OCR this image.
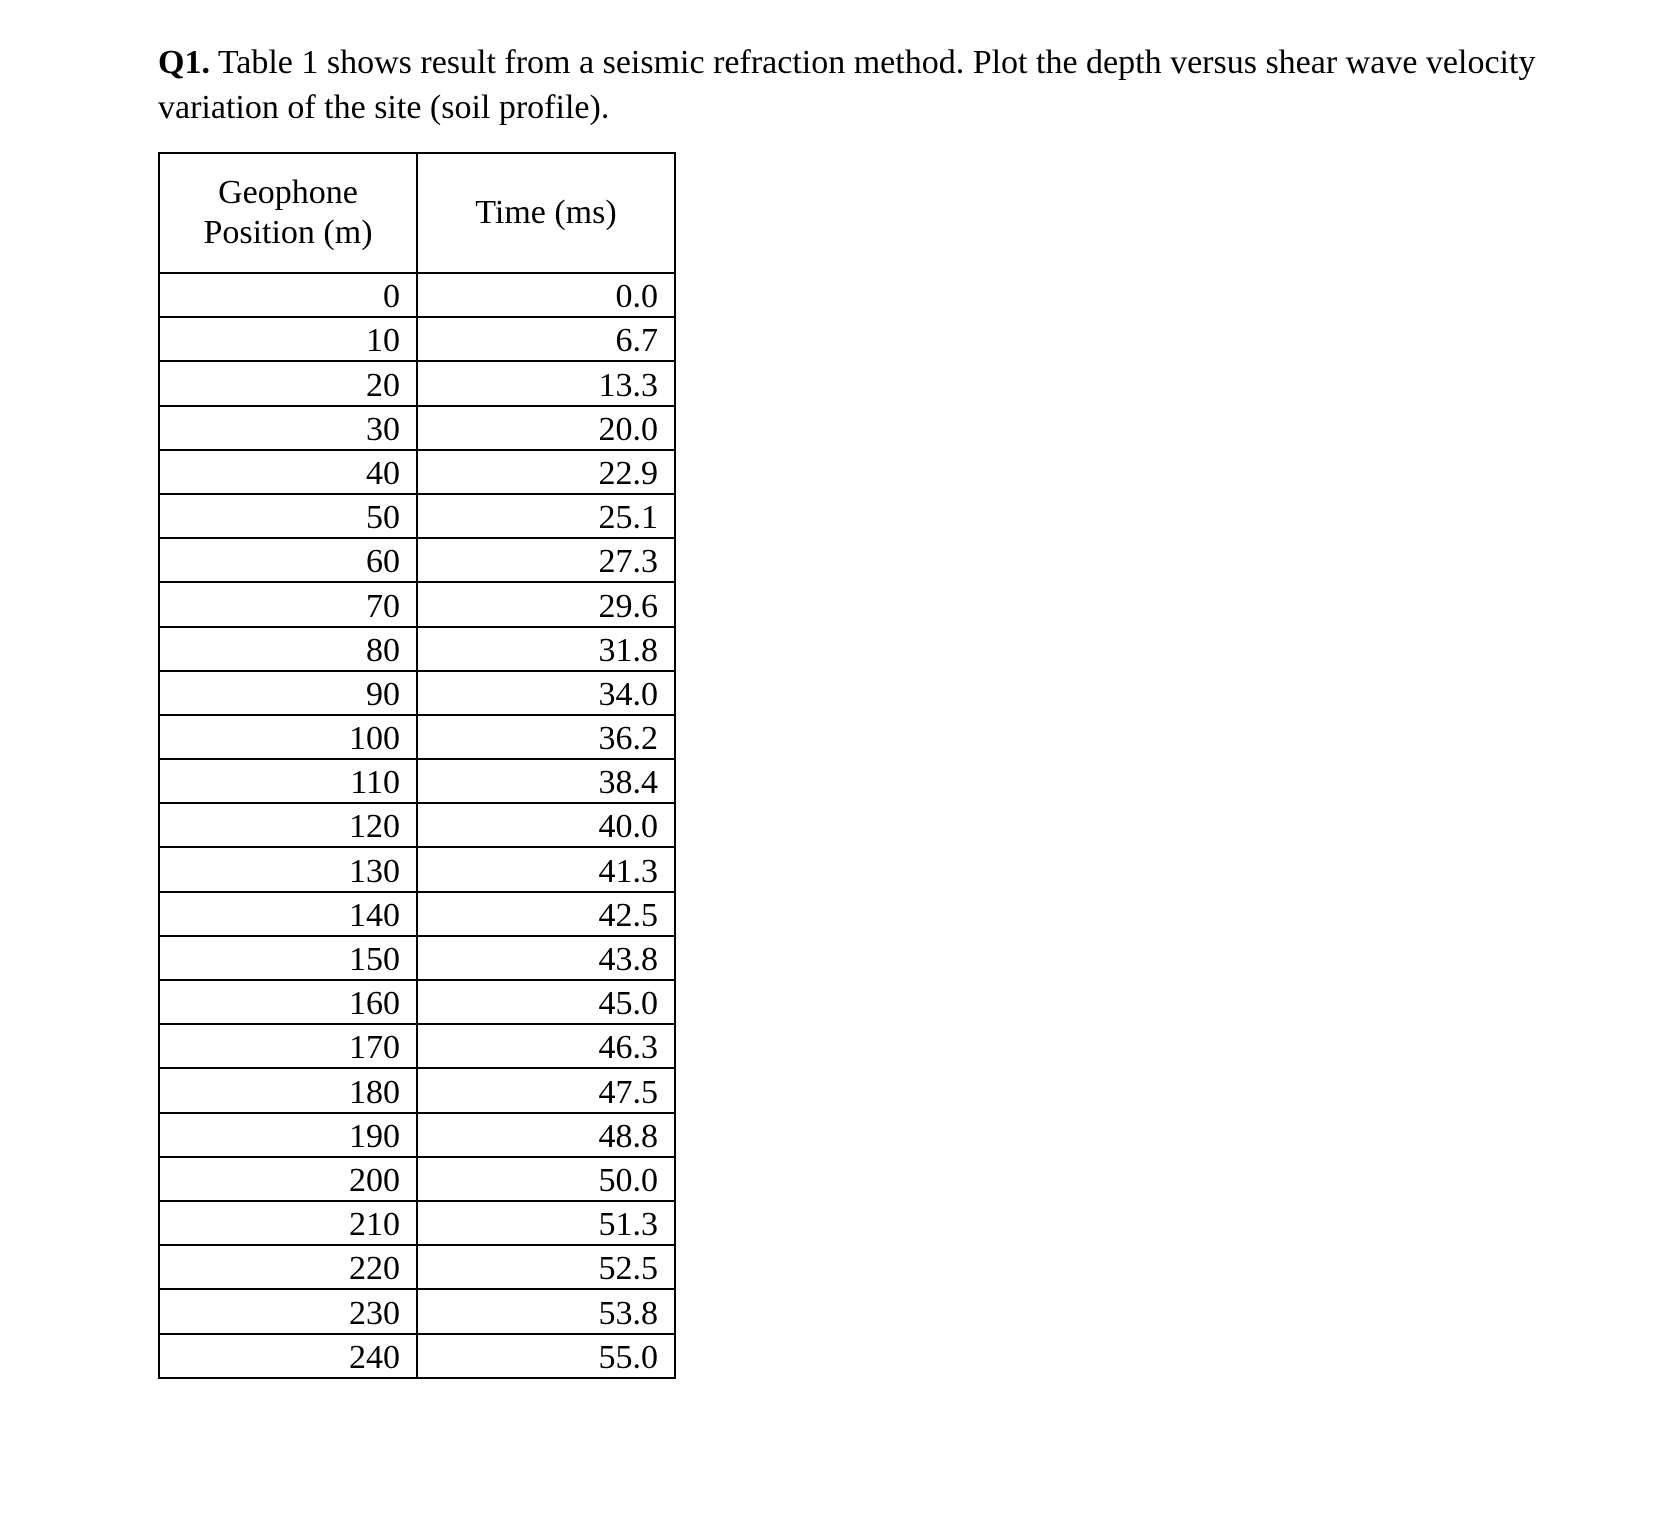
Q1. Table 1 shows result from a seismic refraction method. Plot the depth versus shear wave velocity variation of the site (soil profile).

Geophone
Position (m)	Time (ms)
0	0.0
10	6.7
20	13.3
30	20.0
40	22.9
50	25.1
60	27.3
70	29.6
80	31.8
90	34.0
100	36.2
110	38.4
120	40.0
130	41.3
140	42.5
150	43.8
160	45.0
170	46.3
180	47.5
190	48.8
200	50.0
210	51.3
220	52.5
230	53.8
240	55.0
